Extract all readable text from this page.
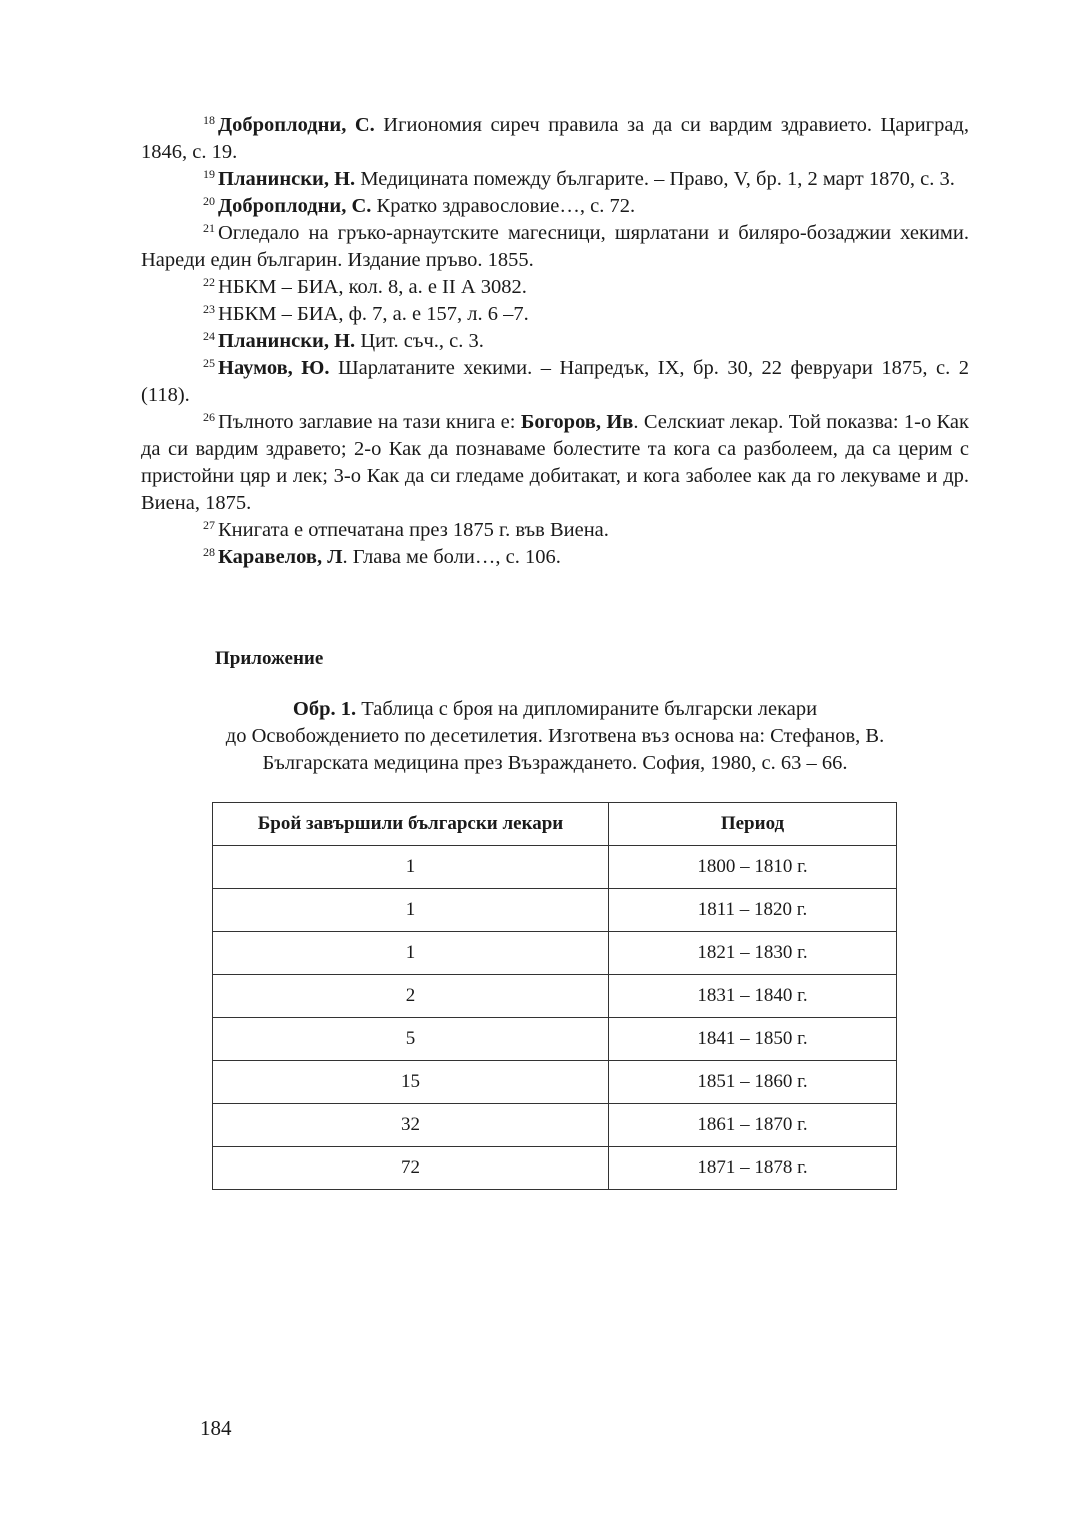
$^{18}$ Доброплодни, С. Игиономия сиреч правила за да си вардим здравието. Цариград, 1846, с. 19.

$^{19}$ Планински, Н. Медицината помежду българите. – Право, V, бр. 1, 2 март 1870, с. 3.

$^{20}$ Доброплодни, С. Кратко здравословие…, с. 72.

$^{21}$ Огледало на гръко-арнаутските магесници, шярлатани и биляро-бозаджии хекими. Нареди един българин. Издание пръво. 1855.

$^{22}$ НБКМ – БИА, кол. 8, а. е II А 3082.

$^{23}$ НБКМ – БИА, ф. 7, а. е 157, л. 6 –7.

$^{24}$ Планински, Н. Цит. съч., с. 3.

$^{25}$ Наумов, Ю. Шарлатаните хекими. – Напредък, IX, бр. 30, 22 февруари 1875, с. 2 (118).

$^{26}$ Пълното заглавие на тази книга е: Богоров, Ив. Селскиат лекар. Той показва: 1-о Как да си вардим здравето; 2-о Как да познаваме болестите та кога са разболеем, да са церим с пристойни цяр и лек; 3-о Как да си гледаме добитакат, и кога заболее как да го лекуваме и др. Виена, 1875.

$^{27}$ Книгата е отпечатана през 1875 г. във Виена.

$^{28}$ Каравелов, Л. Глава ме боли…, с. 106.

Приложение
Обр. 1. Таблица с броя на дипломираните български лекари
до Освобождението по десетилетия. Изготвена въз основа на: Стефанов, В.
Българската медицина през Възраждането. София, 1980, с. 63 – 66.
Брой завършили български лекари	Период
1	1800 – 1810 г.
1	1811 – 1820 г.
1	1821 – 1830 г.
2	1831 – 1840 г.
5	1841 – 1850 г.
15	1851 – 1860 г.
32	1861 – 1870 г.
72	1871 – 1878 г.
184
